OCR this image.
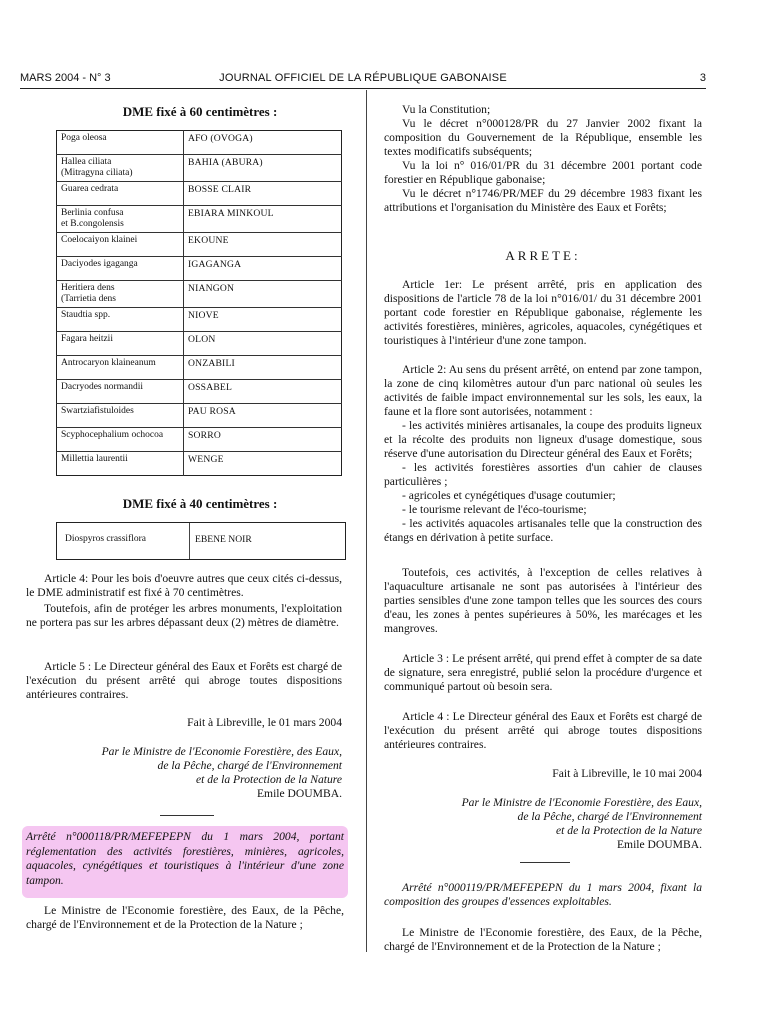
MARS 2004 - N° 3	JOURNAL OFFICIEL DE LA RÉPUBLIQUE GABONAISE	3
DME fixé à 60 centimètres :
Poga oleosa	AFO (OVOGA)
Hallea ciliata
(Mitragyna ciliata)	BAHIA (ABURA)
Guarea cedrata	BOSSE CLAIR
Berlinia confusa
et B.congolensis	EBIARA MINKOUL
Coelocaiyon klainei	EKOUNE
Daciyodes igaganga	IGAGANGA
Heritiera dens
(Tarrietia dens	NIANGON
Staudtia spp.	NIOVE
Fagara heitzii	OLON
Antrocaryon klaineanum	ONZABILI
Dacryodes normandii	OSSABEL
Swartziafistuloides	PAU ROSA
Scyphocephalium ochocoa	SORRO
Millettia laurentii	WENGE
DME fixé à 40 centimètres :
Diospyros crassiflora	EBENE NOIR
Article 4: Pour les bois d'oeuvre autres que ceux cités ci-dessus, le DME administratif est fixé à 70 centimètres.
Toutefois, afin de protéger les arbres monuments, l'exploitation ne portera pas sur les arbres dépassant deux (2) mètres de diamètre.
Article 5 : Le Directeur général des Eaux et Forêts est chargé de l'exécution du présent arrêté qui abroge toutes dispositions antérieures contraires.
Fait à Libreville, le 01 mars 2004
Par le Ministre de l'Economie Forestière, des Eaux,
de la Pêche, chargé de l'Environnement
et de la Protection de la Nature
Emile DOUMBA.
Arrêté n°000118/PR/MEFEPEPN du 1 mars 2004, portant réglementation des activités forestières, minières, agricoles, aquacoles, cynégétiques et touristiques à l'intérieur d'une zone tampon.
Le Ministre de l'Economie forestière, des Eaux, de la Pêche, chargé de l'Environnement et de la Protection de la Nature ;
Vu la Constitution;
Vu le décret n°000128/PR du 27 Janvier 2002 fixant la composition du Gouvernement de la République, ensemble les textes modificatifs subséquents;
Vu la loi n° 016/01/PR du 31 décembre 2001 portant code forestier en République gabonaise;
Vu le décret n°1746/PR/MEF du 29 décembre 1983 fixant les attributions et l'organisation du Ministère des Eaux et Forêts;
ARRETE:
Article 1er: Le présent arrêté, pris en application des dispositions de l'article 78 de la loi n°016/01/ du 31 décembre 2001 portant code forestier en République gabonaise, réglemente les activités forestières, minières, agricoles, aquacoles, cynégétiques et touristiques à l'intérieur d'une zone tampon.
Article 2: Au sens du présent arrêté, on entend par zone tampon, la zone de cinq kilomètres autour d'un parc national où seules les activités de faible impact environnemental sur les sols, les eaux, la faune et la flore sont autorisées, notamment :
- les activités minières artisanales, la coupe des produits ligneux et la récolte des produits non ligneux d'usage domestique, sous réserve d'une autorisation du Directeur général des Eaux et Forêts;
- les activités forestières assorties d'un cahier de clauses particulières ;
- agricoles et cynégétiques d'usage coutumier;
- le tourisme relevant de l'éco-tourisme;
- les activités aquacoles artisanales telle que la construction des étangs en dérivation à petite surface.
Toutefois, ces activités, à l'exception de celles relatives à l'aquaculture artisanale ne sont pas autorisées à l'intérieur des parties sensibles d'une zone tampon telles que les sources des cours d'eau, les zones à pentes supérieures à 50%, les marécages et les mangroves.
Article 3 : Le présent arrêté, qui prend effet à compter de sa date de signature, sera enregistré, publié selon la procédure d'urgence et communiqué partout où besoin sera.
Article 4 : Le Directeur général des Eaux et Forêts est chargé de l'exécution du présent arrêté qui abroge toutes dispositions antérieures contraires.
Fait à Libreville, le 10 mai 2004
Par le Ministre de l'Economie Forestière, des Eaux,
de la Pêche, chargé de l'Environnement
et de la Protection de la Nature
Emile DOUMBA.
Arrêté n°000119/PR/MEFEPEPN du 1 mars 2004, fixant la composition des groupes d'essences exploitables.
Le Ministre de l'Economie forestière, des Eaux, de la Pêche, chargé de l'Environnement et de la Protection de la Nature ;
